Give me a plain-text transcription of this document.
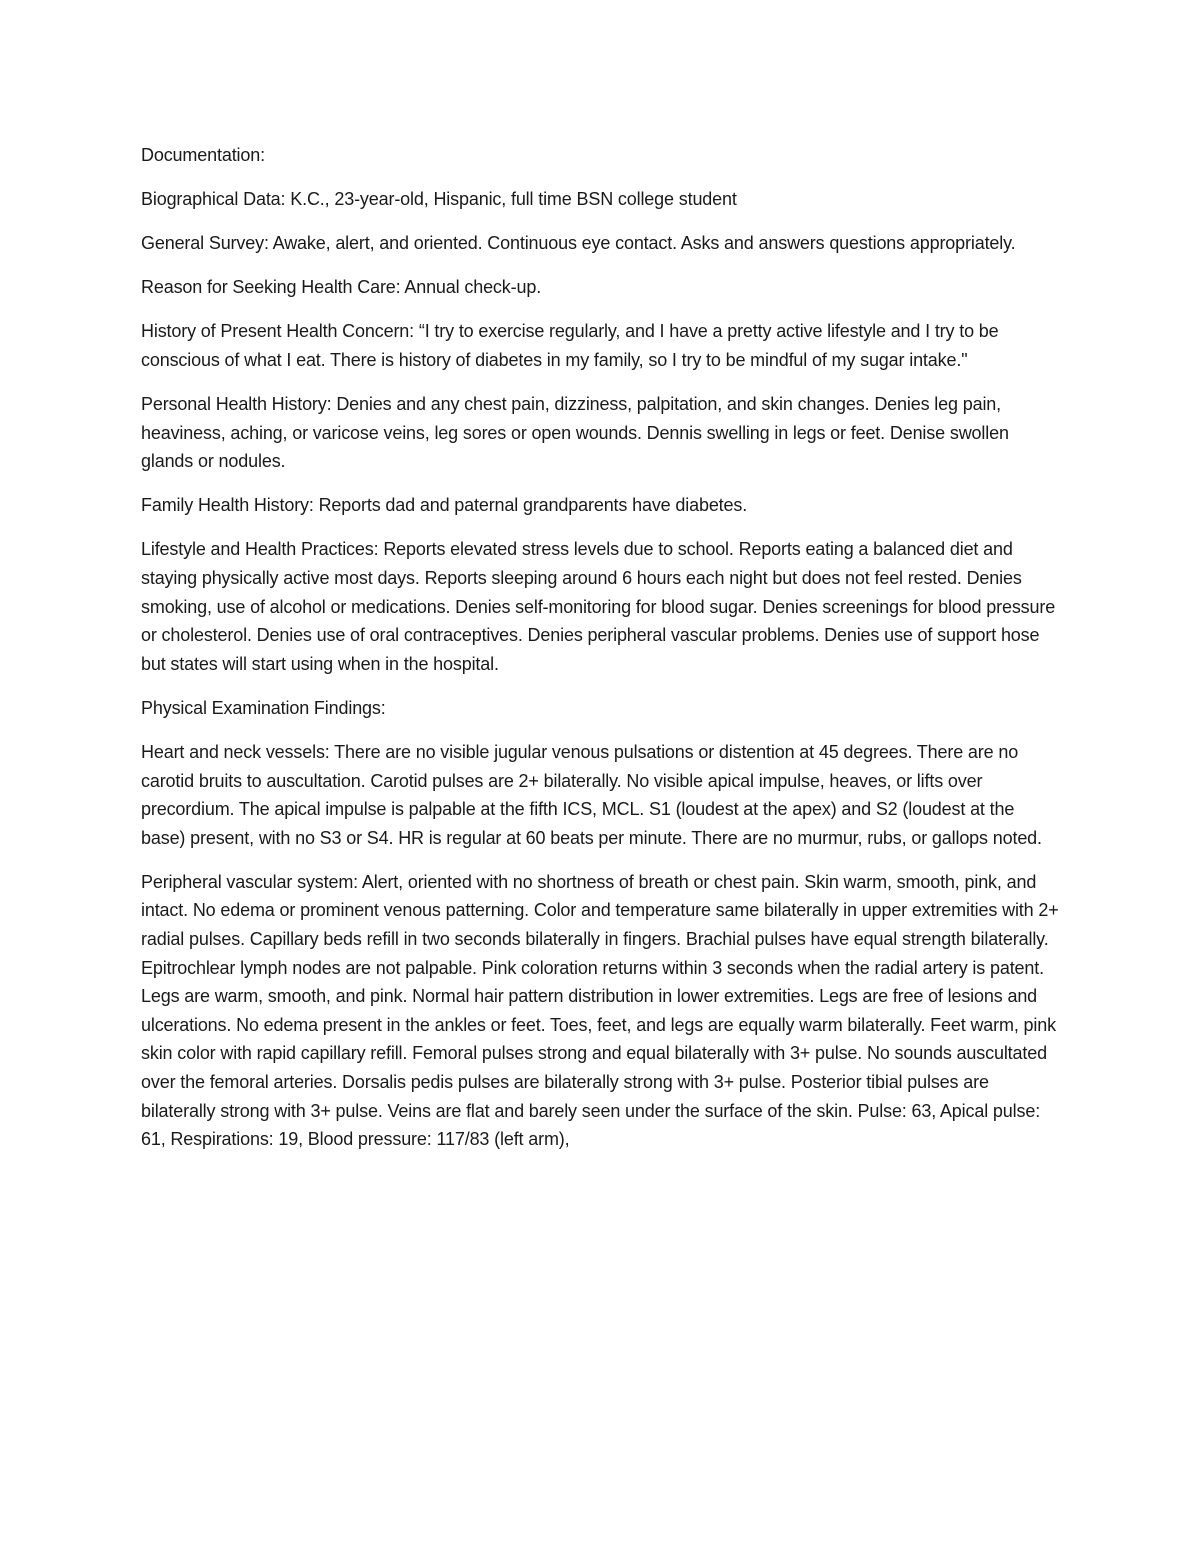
Documentation:

Biographical Data: K.C., 23-year-old, Hispanic, full time BSN college student

General Survey: Awake, alert, and oriented. Continuous eye contact. Asks and answers questions appropriately.

Reason for Seeking Health Care: Annual check-up.

History of Present Health Concern: “I try to exercise regularly, and I have a pretty active lifestyle and I try to be conscious of what I eat. There is history of diabetes in my family, so I try to be mindful of my sugar intake."

Personal Health History: Denies and any chest pain, dizziness, palpitation, and skin changes. Denies leg pain, heaviness, aching, or varicose veins, leg sores or open wounds. Dennis swelling in legs or feet. Denise swollen glands or nodules.

Family Health History: Reports dad and paternal grandparents have diabetes.

Lifestyle and Health Practices: Reports elevated stress levels due to school. Reports eating a balanced diet and staying physically active most days. Reports sleeping around 6 hours each night but does not feel rested. Denies smoking, use of alcohol or medications. Denies self-monitoring for blood sugar. Denies screenings for blood pressure or cholesterol. Denies use of oral contraceptives. Denies peripheral vascular problems. Denies use of support hose but states will start using when in the hospital.

Physical Examination Findings:

Heart and neck vessels: There are no visible jugular venous pulsations or distention at 45 degrees. There are no carotid bruits to auscultation. Carotid pulses are 2+ bilaterally. No visible apical impulse, heaves, or lifts over precordium. The apical impulse is palpable at the fifth ICS, MCL. S1 (loudest at the apex) and S2 (loudest at the base) present, with no S3 or S4. HR is regular at 60 beats per minute. There are no murmur, rubs, or gallops noted.

Peripheral vascular system: Alert, oriented with no shortness of breath or chest pain. Skin warm, smooth, pink, and intact. No edema or prominent venous patterning. Color and temperature same bilaterally in upper extremities with 2+ radial pulses. Capillary beds refill in two seconds bilaterally in fingers. Brachial pulses have equal strength bilaterally. Epitrochlear lymph nodes are not palpable. Pink coloration returns within 3 seconds when the radial artery is patent. Legs are warm, smooth, and pink. Normal hair pattern distribution in lower extremities. Legs are free of lesions and ulcerations. No edema present in the ankles or feet. Toes, feet, and legs are equally warm bilaterally. Feet warm, pink skin color with rapid capillary refill. Femoral pulses strong and equal bilaterally with 3+ pulse. No sounds auscultated over the femoral arteries. Dorsalis pedis pulses are bilaterally strong with 3+ pulse. Posterior tibial pulses are bilaterally strong with 3+ pulse. Veins are flat and barely seen under the surface of the skin. Pulse: 63, Apical pulse: 61, Respirations: 19, Blood pressure: 117/83 (left arm),
